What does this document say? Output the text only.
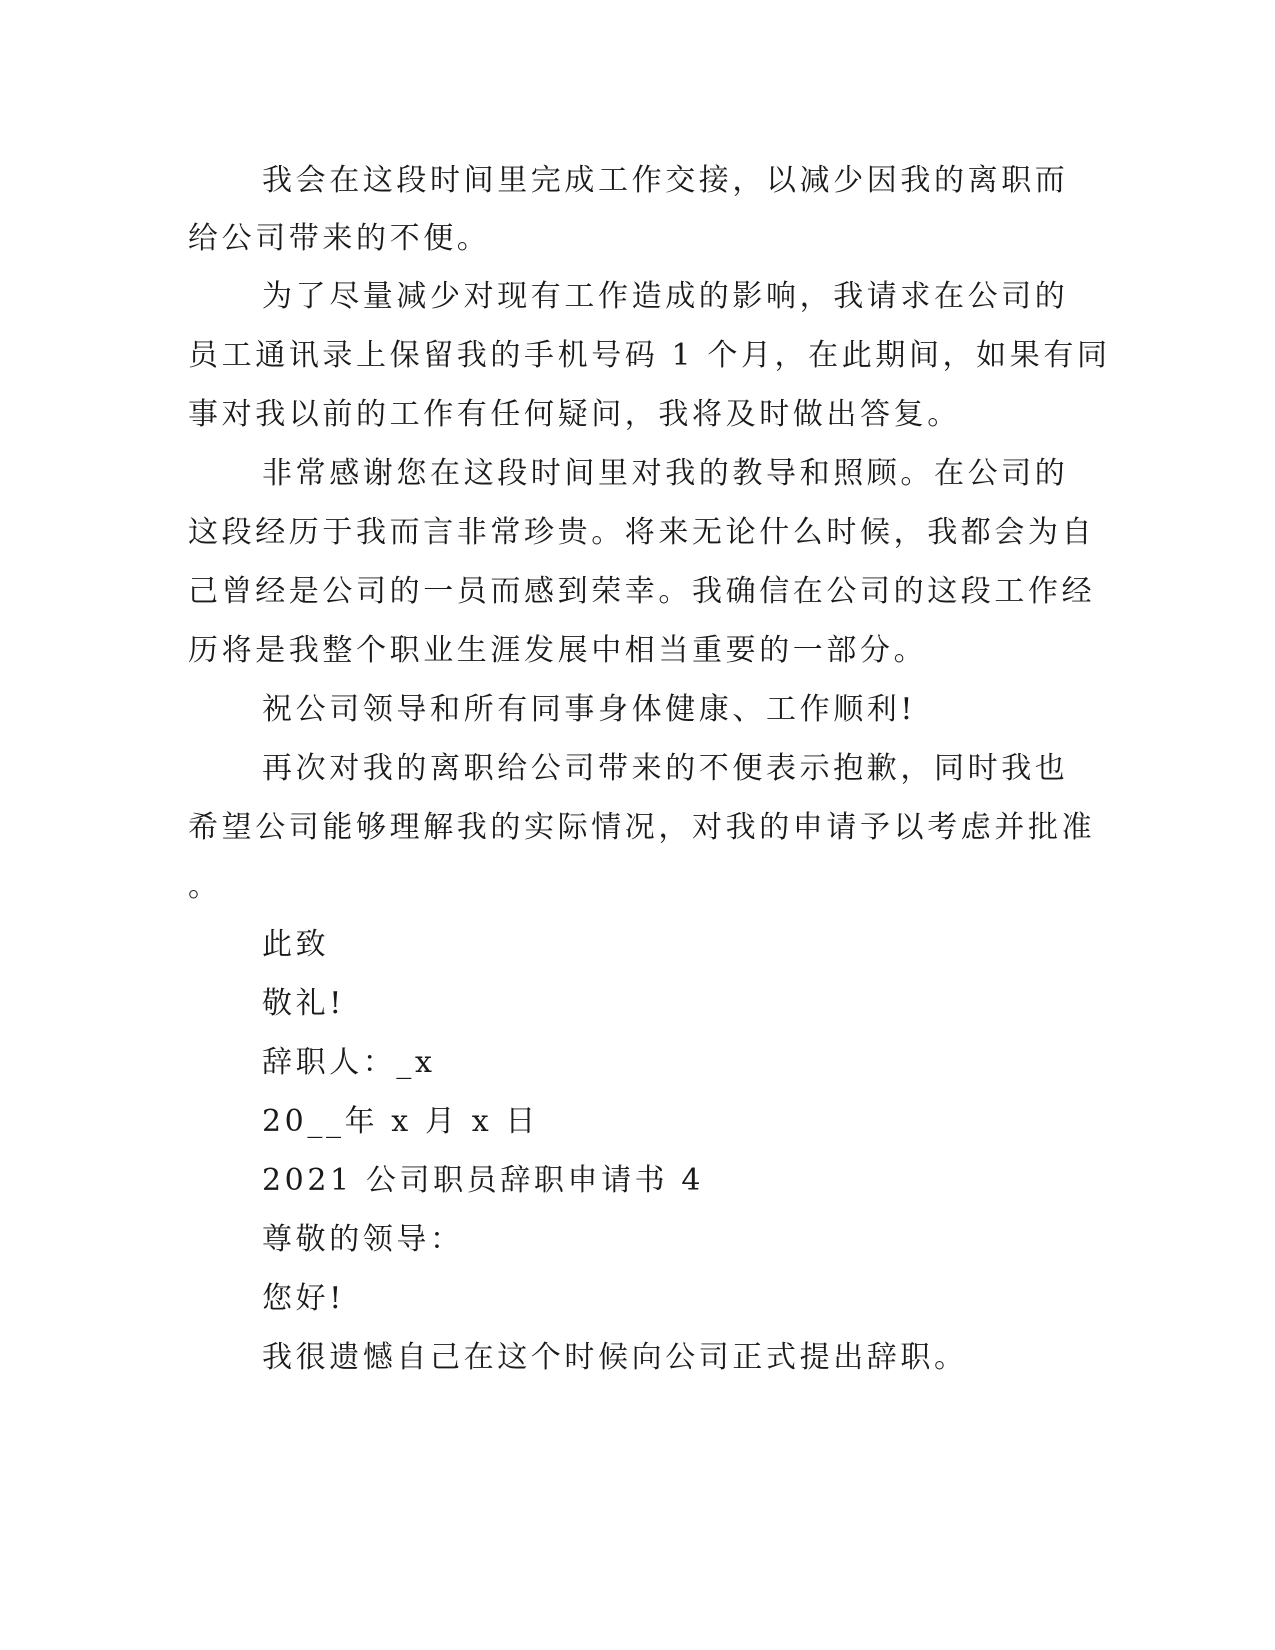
我会在这段时间里完成工作交接，以减少因我的离职而
给公司带来的不便。
为了尽量减少对现有工作造成的影响，我请求在公司的
员工通讯录上保留我的手机号码 1 个月，在此期间，如果有同
事对我以前的工作有任何疑问，我将及时做出答复。
非常感谢您在这段时间里对我的教导和照顾。在公司的
这段经历于我而言非常珍贵。将来无论什么时候，我都会为自
己曾经是公司的一员而感到荣幸。我确信在公司的这段工作经
历将是我整个职业生涯发展中相当重要的一部分。
祝公司领导和所有同事身体健康、工作顺利!
再次对我的离职给公司带来的不便表示抱歉，同时我也
希望公司能够理解我的实际情况，对我的申请予以考虑并批准
。
此致
敬礼!
辞职人：_x
20__年 x 月 x 日
2021 公司职员辞职申请书 4
尊敬的领导：
您好!
我很遗憾自己在这个时候向公司正式提出辞职。
